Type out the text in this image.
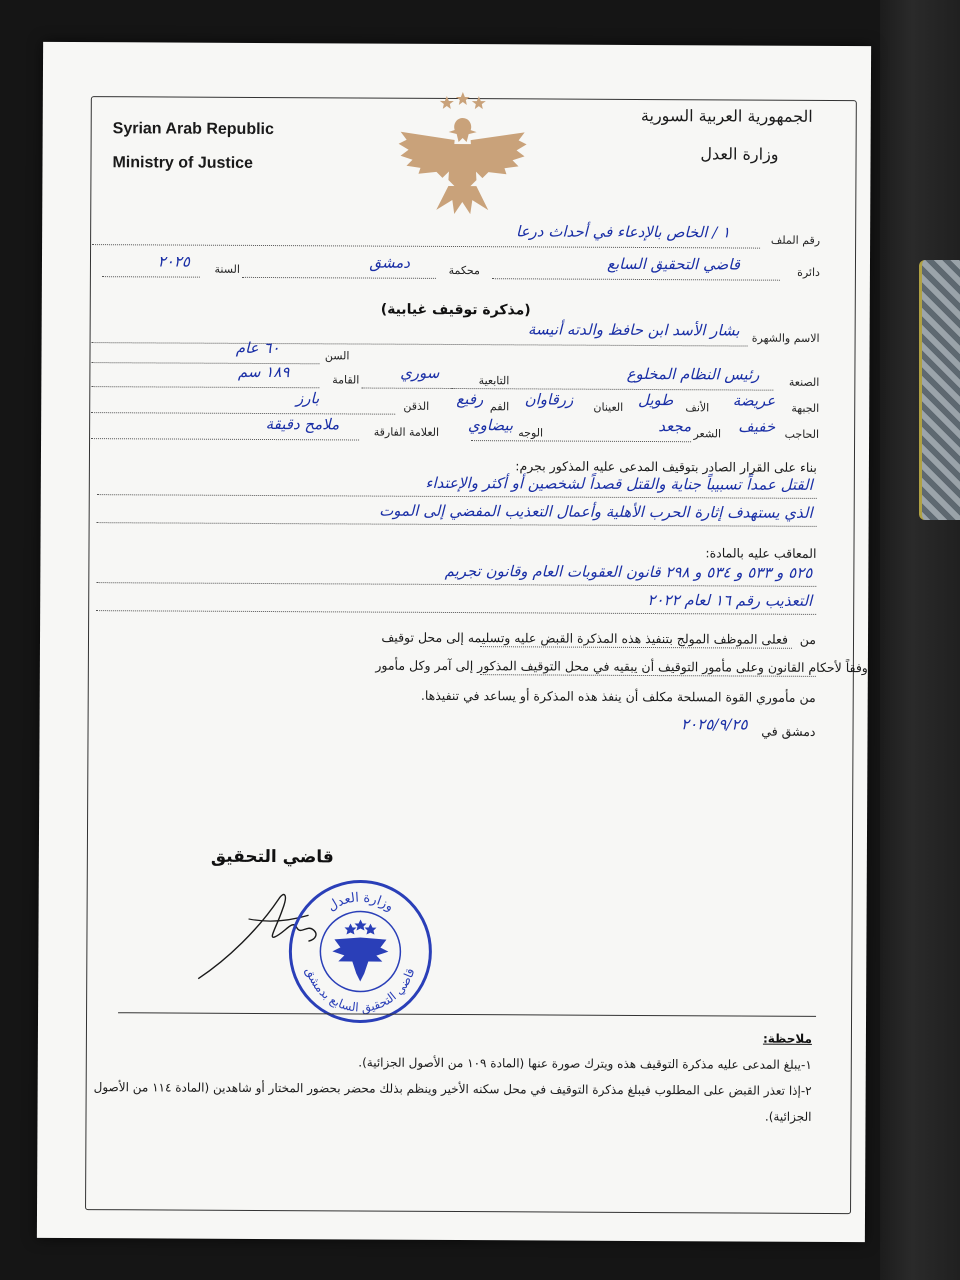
Syrian Arab Republic
Ministry of Justice
الجمهورية العربية السورية
وزارة العدل
رقم الملف
١ / الخاص بالإدعاء في أحداث درعا
دائرة
قاضي التحقيق السابع
محكمة
دمشق
السنة
٢٠٢٥
(مذكرة توقيف غيابية)
الاسم والشهرة
بشار الأسد ابن حافظ والدته أنيسة
السن
٦٠ عام
الصنعة
رئيس النظام المخلوع
التابعية
سوري
القامة
١٨٩ سم
الجبهة
عريضة
الأنف
طويل
العينان
زرقاوان
الفم
رفيع
الذقن
بارز
الحاجب
خفيف
الشعر
مجعد
الوجه
بيضاوي
العلامة الفارقة
ملامح دقيقة
بناء على القرار الصادر بتوقيف المدعى عليه المذكور بجرم:
القتل عمداً تسبيباً جناية والقتل قصداً لشخصين أو أكثر والإعتداء
الذي يستهدف إثارة الحرب الأهلية وأعمال التعذيب المفضي إلى الموت
المعاقب عليه بالمادة:
٥٢٥ و ٥٣٣ و ٥٣٤ و ٢٩٨ قانون العقوبات العام وقانون تجريم
التعذيب رقم ١٦ لعام ٢٠٢٢
من
فعلى الموظف المولج بتنفيذ هذه المذكرة القبض عليه وتسليمه إلى محل توقيف
وفقاً لأحكام القانون وعلى مأمور التوقيف أن يبقيه في محل التوقيف المذكور إلى آمر وكل مأمور
من مأموري القوة المسلحة مكلف أن ينفذ هذه المذكرة أو يساعد في تنفيذها.
دمشق في
٢٠٢٥/٩/٢٥
قاضي التحقيق
وزارة العدل
قاضي التحقيق السابع بدمشق
ملاحظة:
١-يبلغ المدعى عليه مذكرة التوقيف هذه ويترك صورة عنها (المادة ١٠٩ من الأصول الجزائية).
٢-إذا تعذر القبض على المطلوب فيبلغ مذكرة التوقيف في محل سكنه الأخير وينظم بذلك محضر بحضور المختار أو شاهدين (المادة ١١٤ من الأصول الجزائية).
